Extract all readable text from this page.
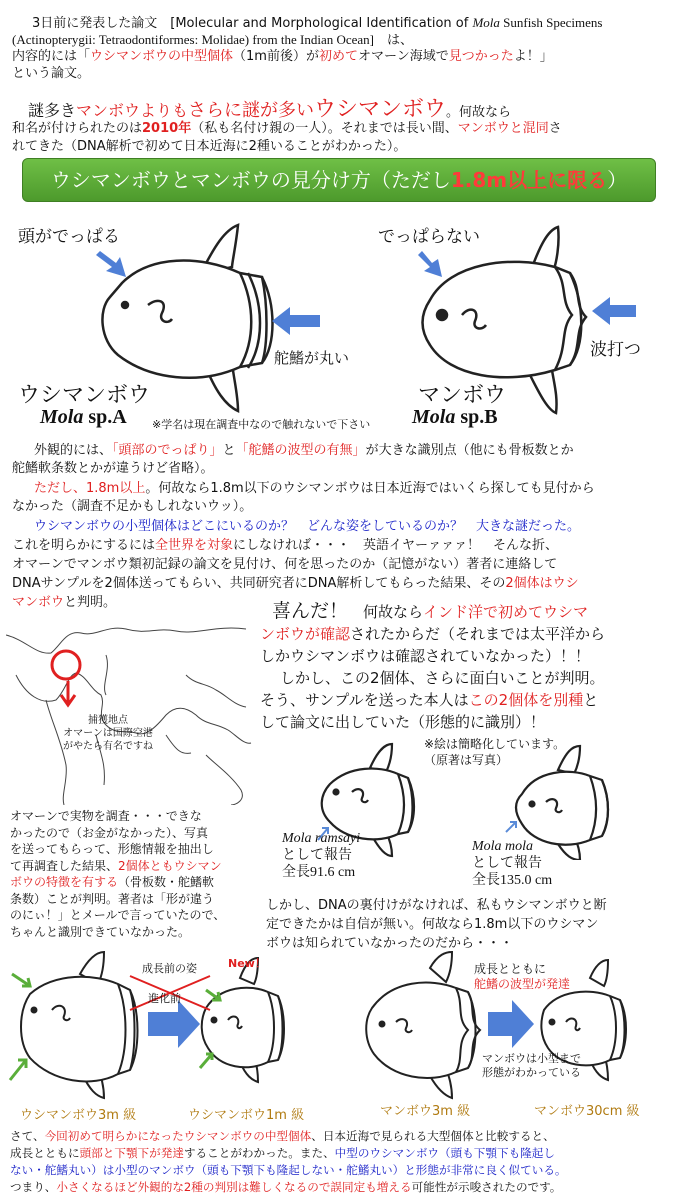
3日前に発表した論文　[Molecular and Morphological Identification of Mola Sunfish Specimens
(Actinopterygii: Tetraodontiformes: Molidae) from the Indian Ocean]　は、
内容的には「ウシマンボウの中型個体（1m前後）が初めてオマーン海域で見つかったよ！」
という論文。
謎多きマンボウよりもさらに謎が多いウシマンボウ。何故なら
和名が付けられたのは2010年（私も名付け親の一人）。それまでは長い間、マンボウと混同さ
れてきた（DNA解析で初めて日本近海に2種いることがわかった）。
ウシマンボウとマンボウの見分け方（ただし1.8m以上に限る）
頭がでっぱる
舵鰭が丸い
ウシマンボウ
Mola sp.A ※学名は現在調査中なので触れないで下さい
でっぱらない
波打つ
マンボウ
Mola sp.B
外観的には、「頭部のでっぱり」と「舵鰭の波型の有無」が大きな識別点（他にも骨板数とか
舵鰭軟条数とかが違うけど省略）。
ただし、1.8m以上。何故なら1.8m以下のウシマンボウは日本近海ではいくら探しても見付から
なかった（調査不足かもしれないウッ）。
ウシマンボウの小型個体はどこにいるのか？　どんな姿をしているのか？　大きな謎だった。
これを明らかにするには全世界を対象にしなければ・・・　英語イヤーァァァ！　そんな折、
オマーンでマンボウ類初記録の論文を見付け、何を思ったのか（記憶がない）著者に連絡して
DNAサンプルを2個体送ってもらい、共同研究者にDNA解析してもらった結果、その2個体はウシ
マンボウと判明。
捕獲地点
オマーンは国際空港
がやたら有名ですね
喜んだ！　何故ならインド洋で初めてウシマ
ンボウが確認されたからだ（それまでは太平洋から
しかウシマンボウは確認されていなかった）！！
しかし、この2個体、さらに面白いことが判明。
そう、サンプルを送った本人はこの2個体を別種と
して論文に出していた（形態的に識別）！
※絵は簡略化しています。
（原著は写真）
Mola ramsayi
として報告
全長91.6 cm
Mola mola
として報告
全長135.0 cm
オマーンで実物を調査・・・できな
かったので（お金がなかった）、写真
を送ってもらって、形態情報を抽出し
て再調査した結果、2個体ともウシマン
ボウの特徴を有する（骨板数・舵鰭軟
条数）ことが判明。著者は「形が違う
のにぃ！」とメールで言っていたので、
ちゃんと識別できていなかった。
しかし、DNAの裏付けがなければ、私もウシマンボウと断
定できたかは自信が無い。何故なら1.8m以下のウシマン
ボウは知られていなかったのだから・・・
成長前の姿	New！
進化前
成長とともに
舵鰭の波型が発達
マンボウは小型まで
形態がわかっている
ウシマンボウ3m 級	ウシマンボウ1m 級	マンボウ3m 級	マンボウ30cm 級
さて、今回初めて明らかになったウシマンボウの中型個体、日本近海で見られる大型個体と比較すると、
成長とともに頭部と下顎下が発達することがわかった。また、中型のウシマンボウ（頭も下顎下も隆起し
ない・舵鰭丸い）は小型のマンボウ（頭も下顎下も隆起しない・舵鰭丸い）と形態が非常に良く似ている。
つまり、小さくなるほど外観的な2種の判別は難しくなるので誤同定も増える可能性が示唆されたのです。
